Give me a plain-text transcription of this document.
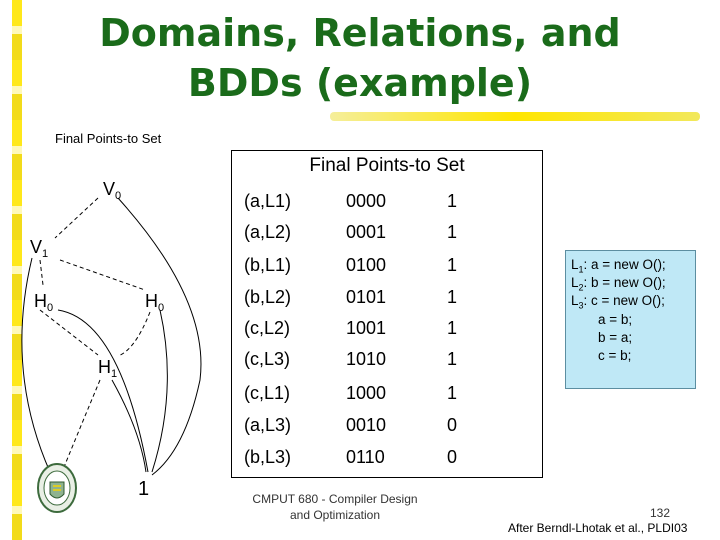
Domains, Relations, and
BDDs (example)
Final Points-to Set
$V_0$
$V_1$
$H_0$	$H_0$
$H_1$
1
Final Points-to Set
(a,L1)	0000	1
(a,L2)	0001	1
(b,L1)	0100	1
(b,L2)	0101	1
(c,L2)	1001	1
(c,L3)	1010	1
(c,L1)	1000	1
(a,L3)	0010	0
(b,L3)	0110	0
$L_1$: a = new O();
$L_2$: b = new O();
$L_3$: c = new O();
a = b;
b = a;
c = b;
CMPUT 680 - Compiler Design
and Optimization	132
After Berndl-Lhotak et al., PLDI03
